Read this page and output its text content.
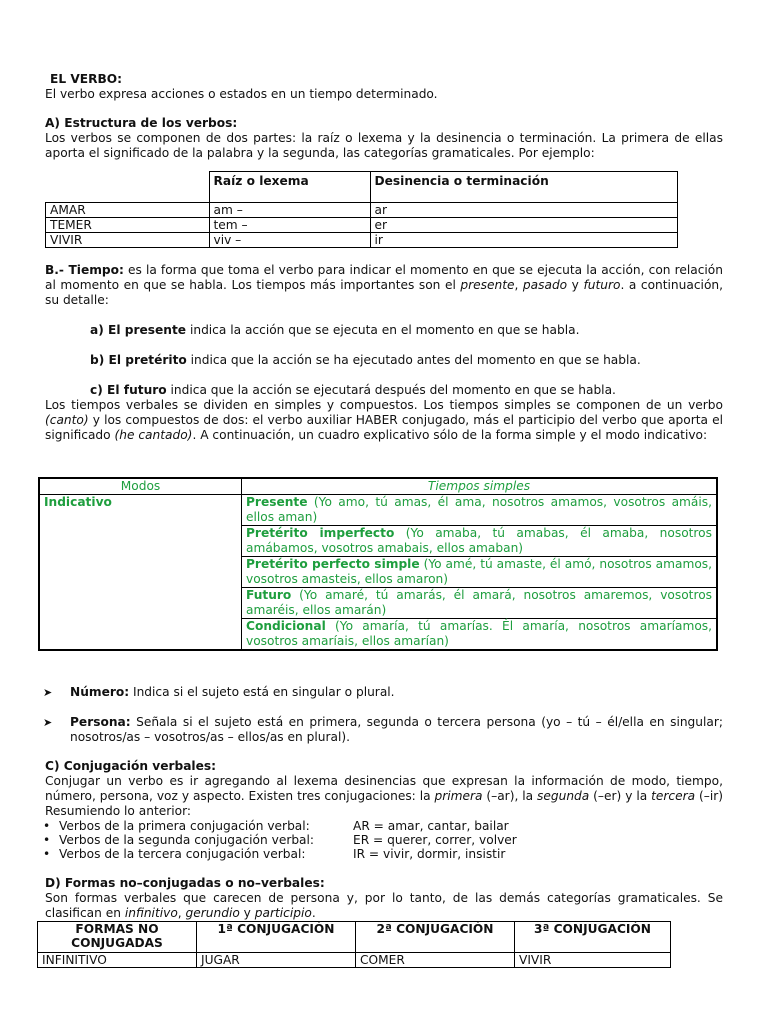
EL VERBO:

El verbo expresa acciones o estados en un tiempo determinado.

A) Estructura de los verbos:

Los verbos se componen de dos partes: la raíz o lexema y la desinencia o terminación. La primera de ellas aporta el significado de la palabra y la segunda, las categorías gramaticales. Por ejemplo:

	Raíz o lexema	Desinencia o terminación
AMAR	am –	ar
TEMER	tem –	er
VIVIR	viv –	ir

B.- Tiempo: es la forma que toma el verbo para indicar el momento en que se ejecuta la acción, con relación al momento en que se habla. Los tiempos más importantes son el presente, pasado y futuro. a continuación, su detalle:

a) El presente indica la acción que se ejecuta en el momento en que se habla.

b) El pretérito indica que la acción se ha ejecutado antes del momento en que se habla.

c) El futuro indica que la acción se ejecutará después del momento en que se habla.

Los tiempos verbales se dividen en simples y compuestos. Los tiempos simples se componen de un verbo (canto) y los compuestos de dos: el verbo auxiliar HABER conjugado, más el participio del verbo que aporta el significado (he cantado). A continuación, un cuadro explicativo sólo de la forma simple y el modo indicativo:

Modos	Tiempos simples
Indicativo	Presente (Yo amo, tú amas, él ama, nosotros amamos, vosotros amáis, ellos aman)
	Pretérito imperfecto (Yo amaba, tú amabas, él amaba, nosotros amábamos, vosotros amabais, ellos amaban)
	Pretérito perfecto simple (Yo amé, tú amaste, él amó, nosotros amamos, vosotros amasteis, ellos amaron)
	Futuro (Yo amaré, tú amarás, él amará, nosotros amaremos, vosotros amaréis, ellos amarán)
	Condicional (Yo amaría, tú amarías. Él amaría, nosotros amaríamos, vosotros amaríais, ellos amarían)
➤	Número: Indica si el sujeto está en singular o plural.

➤	Persona: Señala si el sujeto está en primera, segunda o tercera persona (yo – tú – él/ella en singular; nosotros/as – vosotros/as – ellos/as en plural).

C) Conjugación verbales:

Conjugar un verbo es ir agregando al lexema desinencias que expresan la información de modo, tiempo, número, persona, voz y aspecto. Existen tres conjugaciones: la primera (–ar), la segunda (–er) y la tercera (–ir) Resumiendo lo anterior:

• Verbos de la primera conjugación verbal:	AR = amar, cantar, bailar
• Verbos de la segunda conjugación verbal:	ER = querer, correr, volver
• Verbos de la tercera conjugación verbal:	IR = vivir, dormir, insistir

D) Formas no–conjugadas o no–verbales:

Son formas verbales que carecen de persona y, por lo tanto, de las demás categorías gramaticales. Se clasifican en infinitivo, gerundio y participio.

FORMAS NO CONJUGADAS	1ª CONJUGACIÓN	2ª CONJUGACIÓN	3ª CONJUGACIÓN
INFINITIVO	JUGAR	COMER	VIVIR
